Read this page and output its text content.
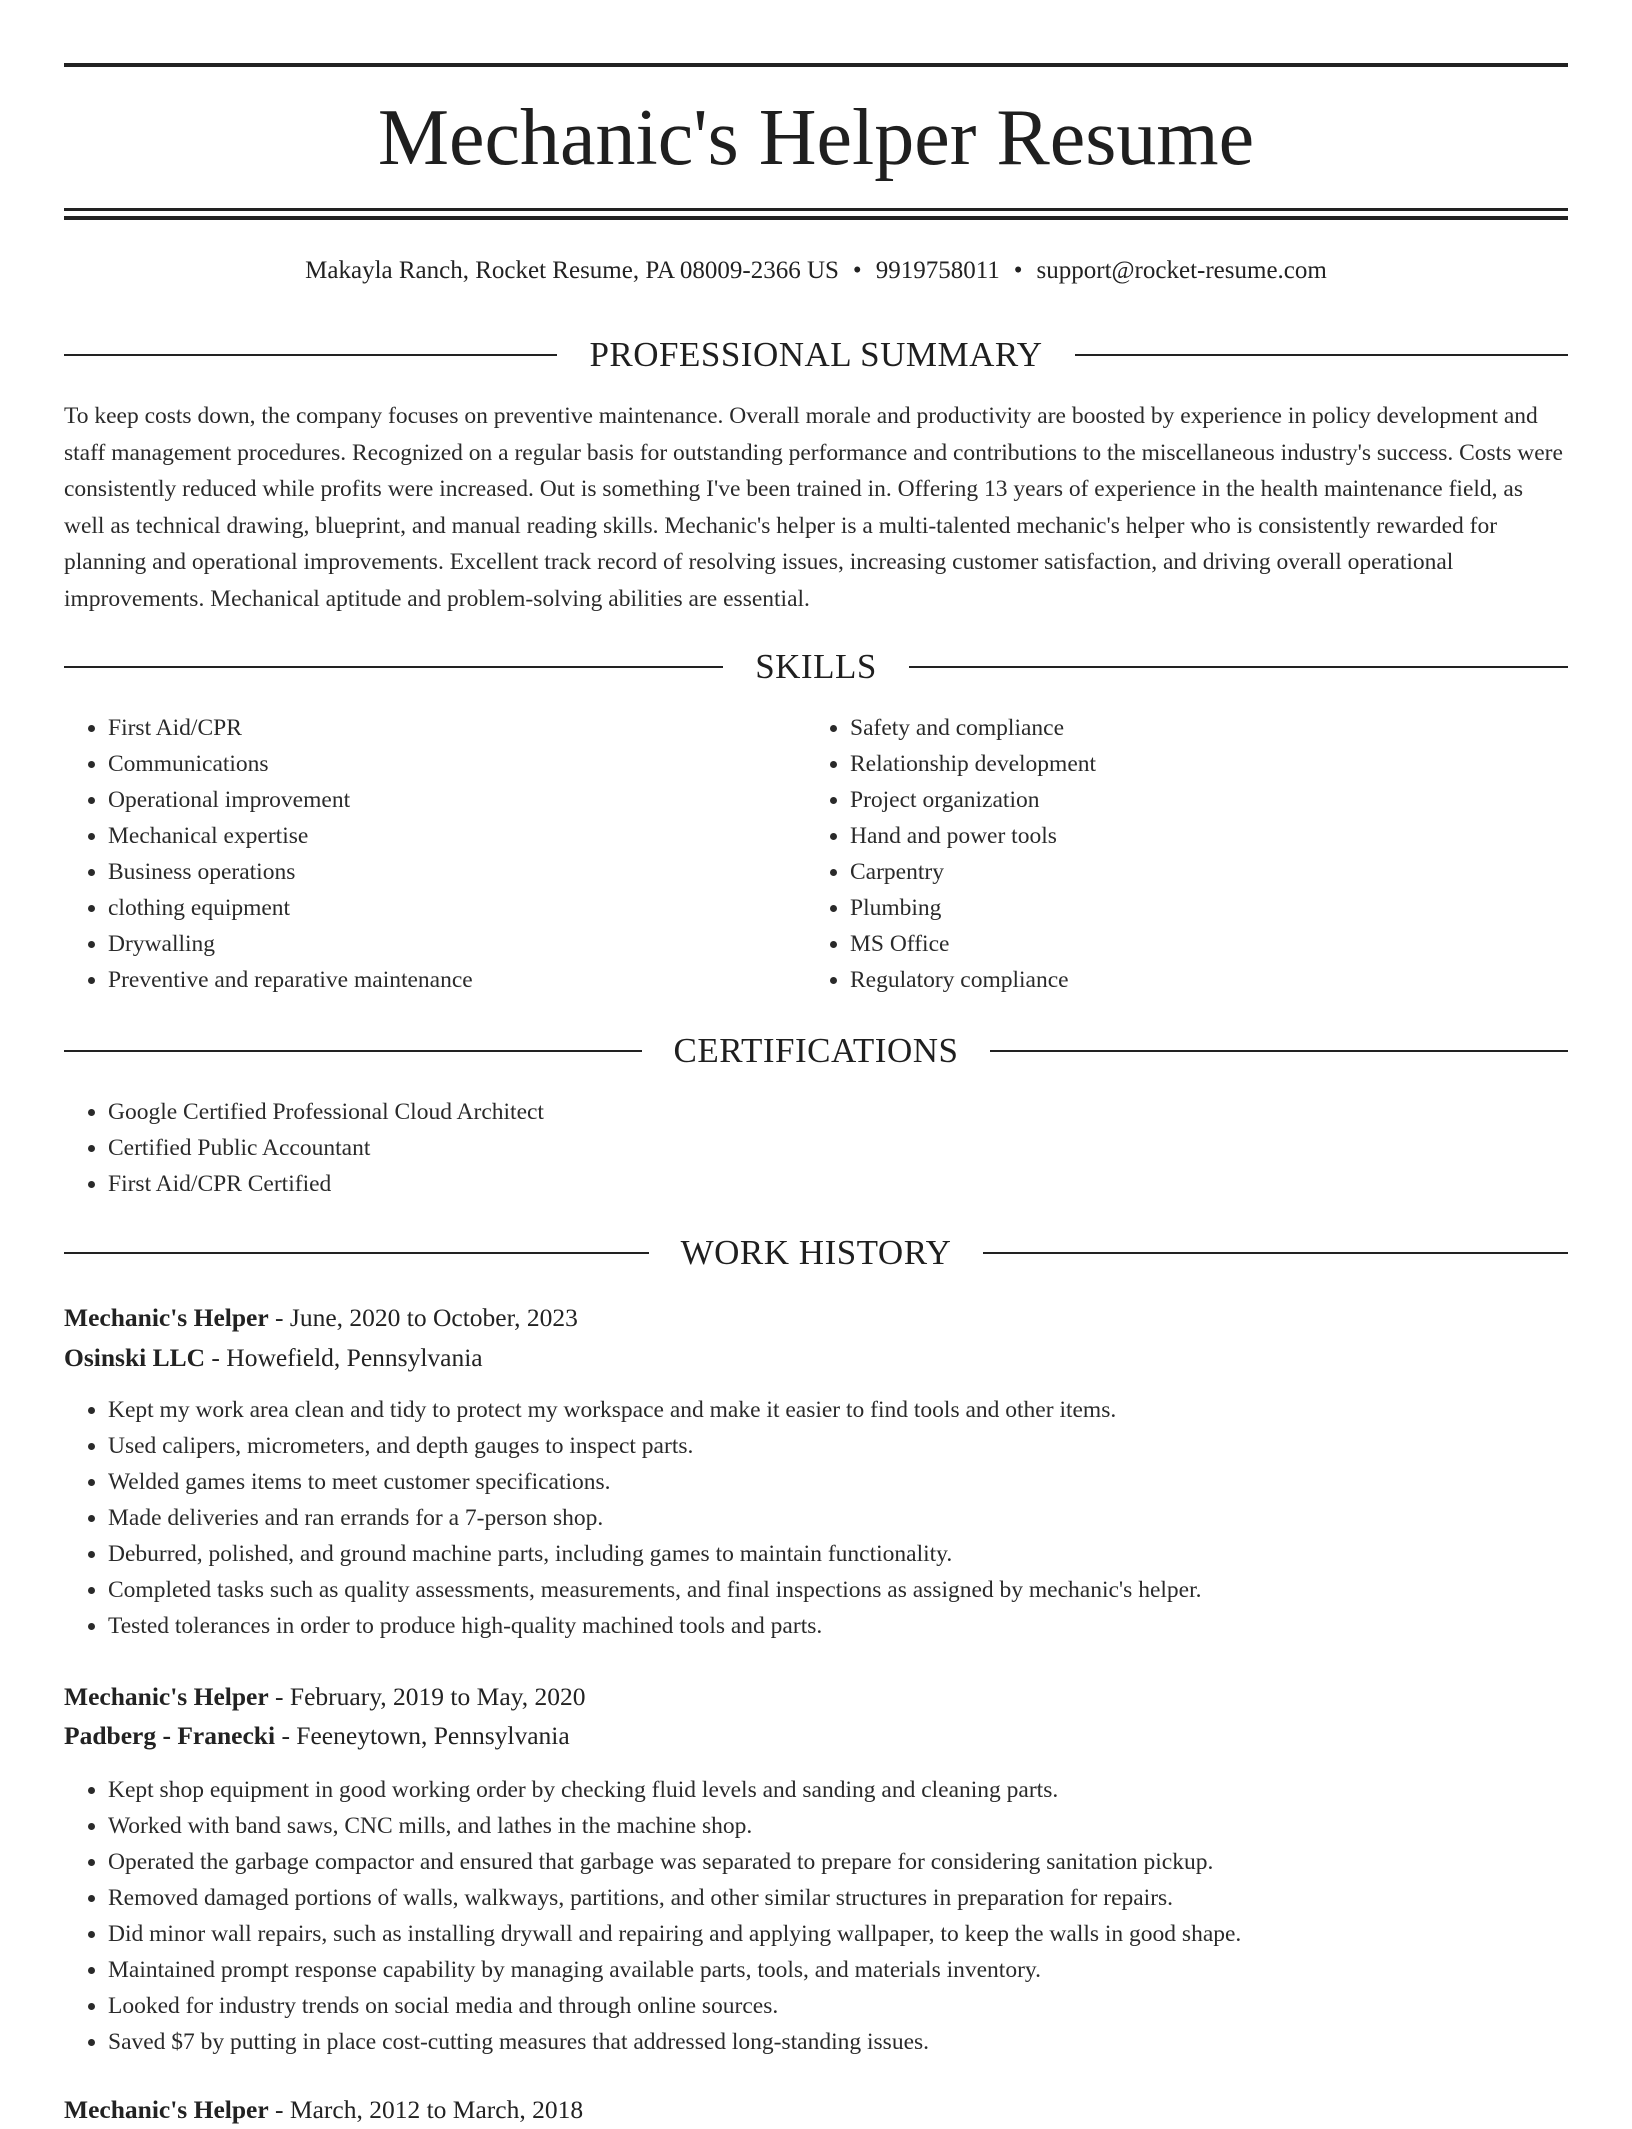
Mechanic's Helper Resume
Makayla Ranch, Rocket Resume, PA 08009-2366 US • 9919758011 • support@rocket-resume.com
PROFESSIONAL SUMMARY
To keep costs down, the company focuses on preventive maintenance. Overall morale and productivity are boosted by experience in policy development and staff management procedures. Recognized on a regular basis for outstanding performance and contributions to the miscellaneous industry's success. Costs were consistently reduced while profits were increased. Out is something I've been trained in. Offering 13 years of experience in the health maintenance field, as well as technical drawing, blueprint, and manual reading skills. Mechanic's helper is a multi-talented mechanic's helper who is consistently rewarded for planning and operational improvements. Excellent track record of resolving issues, increasing customer satisfaction, and driving overall operational improvements. Mechanical aptitude and problem-solving abilities are essential.
SKILLS
• First Aid/CPR
• Communications
• Operational improvement
• Mechanical expertise
• Business operations
• clothing equipment
• Drywalling
• Preventive and reparative maintenance
• Safety and compliance
• Relationship development
• Project organization
• Hand and power tools
• Carpentry
• Plumbing
• MS Office
• Regulatory compliance
CERTIFICATIONS
• Google Certified Professional Cloud Architect
• Certified Public Accountant
• First Aid/CPR Certified
WORK HISTORY
Mechanic's Helper - June, 2020 to October, 2023
Osinski LLC - Howefield, Pennsylvania
• Kept my work area clean and tidy to protect my workspace and make it easier to find tools and other items.
• Used calipers, micrometers, and depth gauges to inspect parts.
• Welded games items to meet customer specifications.
• Made deliveries and ran errands for a 7-person shop.
• Deburred, polished, and ground machine parts, including games to maintain functionality.
• Completed tasks such as quality assessments, measurements, and final inspections as assigned by mechanic's helper.
• Tested tolerances in order to produce high-quality machined tools and parts.
Mechanic's Helper - February, 2019 to May, 2020
Padberg - Franecki - Feeneytown, Pennsylvania
• Kept shop equipment in good working order by checking fluid levels and sanding and cleaning parts.
• Worked with band saws, CNC mills, and lathes in the machine shop.
• Operated the garbage compactor and ensured that garbage was separated to prepare for considering sanitation pickup.
• Removed damaged portions of walls, walkways, partitions, and other similar structures in preparation for repairs.
• Did minor wall repairs, such as installing drywall and repairing and applying wallpaper, to keep the walls in good shape.
• Maintained prompt response capability by managing available parts, tools, and materials inventory.
• Looked for industry trends on social media and through online sources.
• Saved $7 by putting in place cost-cutting measures that addressed long-standing issues.
Mechanic's Helper - March, 2012 to March, 2018
